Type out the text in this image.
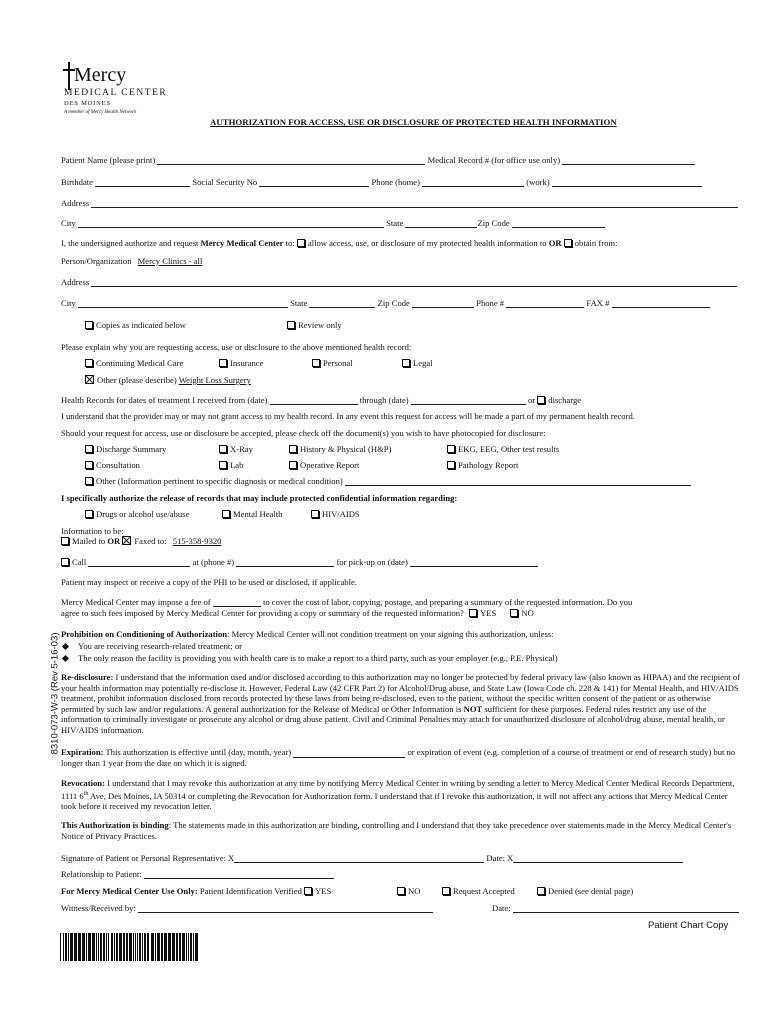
Mercy
MEDICAL CENTER
DES MOINES
A member of Mercy Health Network
AUTHORIZATION FOR ACCESS, USE OR DISCLOSURE OF PROTECTED HEALTH INFORMATION
Patient Name (please print)	Medical Record # (for office use only)
Birthdate	Social Security No	Phone (home)	(work)
Address
City	State	Zip Code
I, the undersigned authorize and request Mercy Medical Center to: allow access, use, or disclosure of my protected health information to OR obtain from:
Person/Organization Mercy Clinics - all
Address
City	State	Zip Code	Phone #	FAX #
Copies as indicated below	Review only
Please explain why you are requesting access, use or disclosure to the above mentioned health record:
Continuing Medical Care	Insurance	Personal	Legal
Other (please describe) Weight Loss Surgery
Health Records for dates of treatment I received from (date)	through (date)	or discharge
I understand that the provider may or may not grant access to my health record. In any event this request for access will be made a part of my permanent health record.
Should your request for access, use or disclosure be accepted, please check off the document(s) you wish to have photocopied for disclosure:
Discharge Summary	X-Ray	History & Physical (H&P)	EKG, EEG, Other test results
Consultation	Lab	Operative Report	Pathology Report
Other (Information pertinent to specific diagnosis or medical condition)
I specifically authorize the release of records that may include protected confidential information regarding:
Drugs or alcohol use/abuse	Mental Health	HIV/AIDS
Information to be:
Mailed to OR Faxed to: 515-358-9320
Call	at (phone #)	for pick-up on (date)
Patient may inspect or receive a copy of the PHI to be used or disclosed, if applicable.
Mercy Medical Center may impose a fee of	to cover the cost of labor, copying, postage, and preparing a summary of the requested information. Do you
agree to such fees imposed by Mercy Medical Center for providing a copy or summary of the requested information? YES	NO
Prohibition on Conditioning of Authorization: Mercy Medical Center will not condition treatment on your signing this authorization, unless:
You are receiving research-related treatment; or
The only reason the facility is providing you with health care is to make a report to a third party, such as your employer (e.g., P.E. Physical)
Re-disclosure: I understand that the information used and/or disclosed according to this authorization may no longer be protected by federal privacy law (also known as HIPAA) and the recipient of your health information may potentially re-disclose it. However, Federal Law (42 CFR Part 2) for Alcohol/Drug abuse, and State Law (Iowa Code ch. 228 & 141) for Mental Health, and HIV/AIDS treatment, prohibit information disclosed from records protected by these laws from being re-disclosed, even to the patient, without the specific written consent of the patient or as otherwise permitted by such law and/or regulations. A general authorization for the Release of Medical or Other Information is NOT sufficient for these purposes. Federal rules restrict any use of the information to criminally investigate or prosecute any alcohol or drug abuse patient. Civil and Criminal Penalties may attach for unauthorized disclosure of alcohol/drug abuse, mental health, or HIV/AIDS information.
Expiration: This authorization is effective until (day, month, year)	or expiration of event (e.g. completion of a course of treatment or end of research study) but no longer than 1 year from the date on which it is signed.
Revocation: I understand that I may revoke this authorization at any time by notifying Mercy Medical Center in writing by sending a letter to Mercy Medical Center Medical Records Department, 1111 6th Ave, Des Moines, IA 50314 or completing the Revocation for Authorization form. I understand that if I revoke this authorization, it will not affect any actions that Mercy Medical Center took before it received my revocation letter.
This Authorization is binding: The statements made in this authorization are binding, controlling and I understand that they take precedence over statements made in the Mercy Medical Center's Notice of Privacy Practices.
Signature of Patient or Personal Representative: X	Date: X
Relationship to Patient:
For Mercy Medical Center Use Only: Patient Identification Verified YES	NO	Request Accepted	Denied (see denial page)
Witness/Received by:	Date:
8310-073-W-3 (Rev 5-16-03)
Patient Chart Copy
